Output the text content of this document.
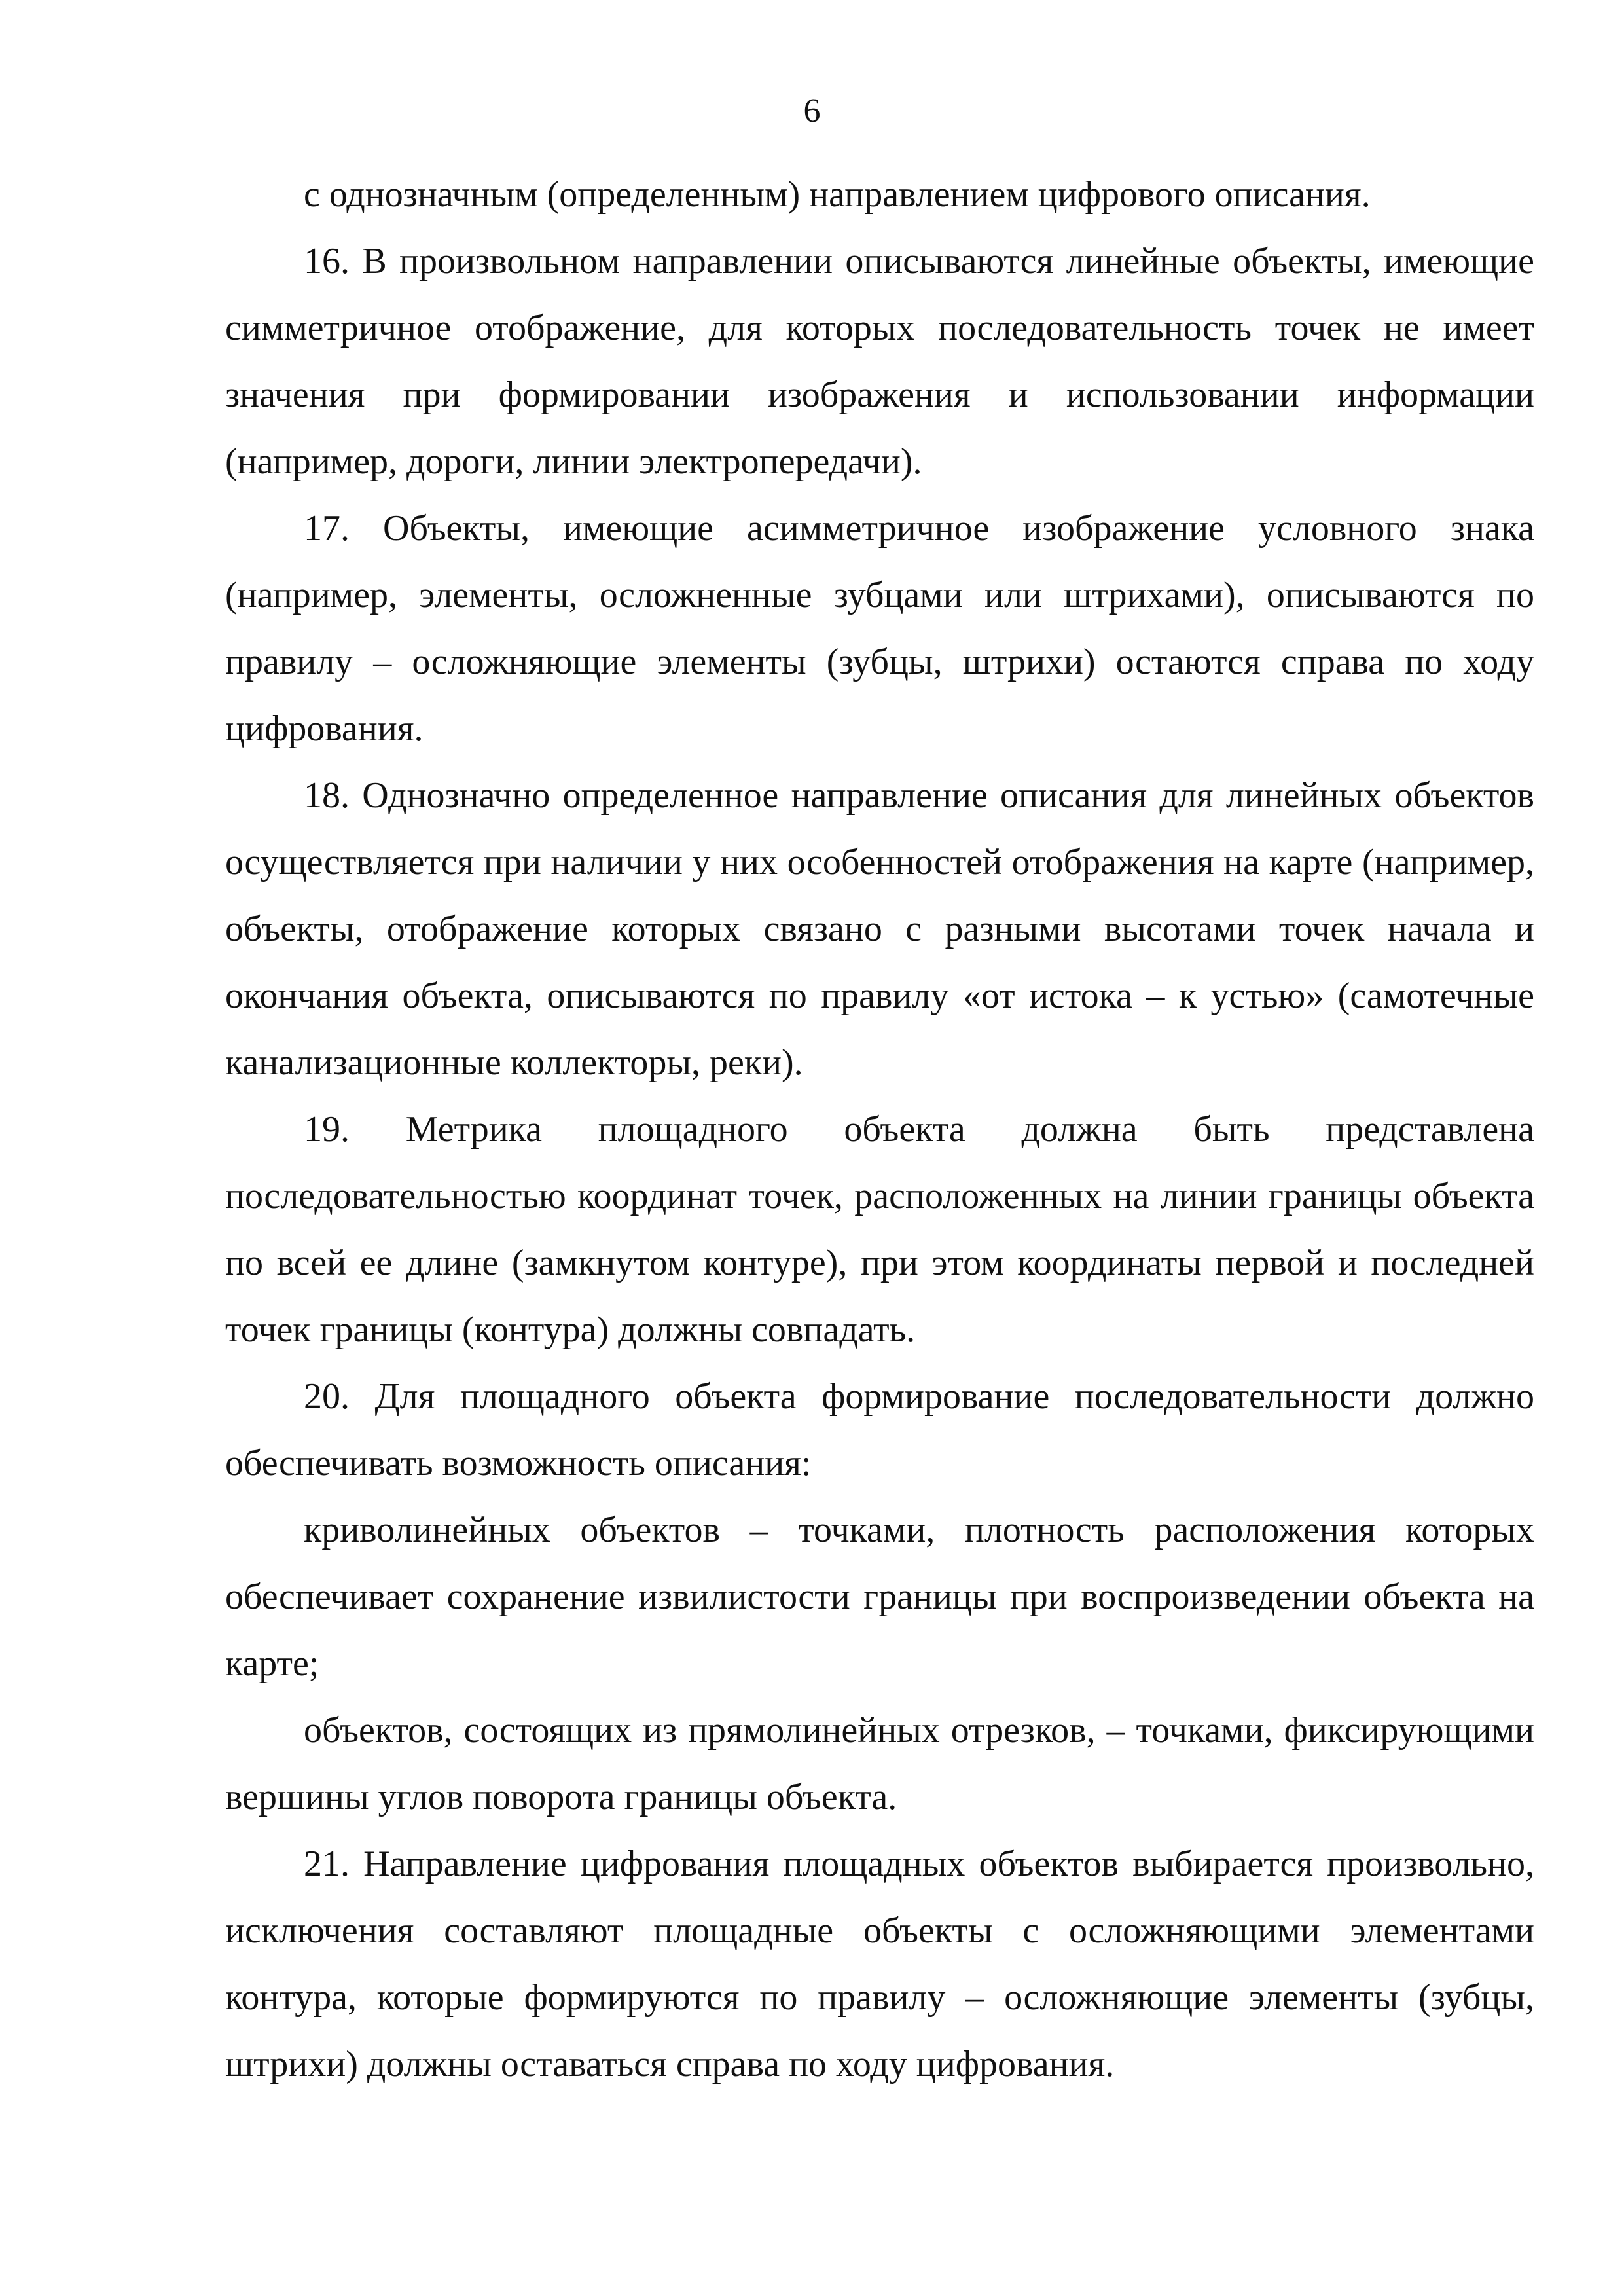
6

с однозначным (определенным) направлением цифрового описания.

16. В произвольном направлении описываются линейные объекты, имеющие симметричное отображение, для которых последовательность точек не имеет значения при формировании изображения и использовании информации (например, дороги, линии электропередачи).

17. Объекты, имеющие асимметричное изображение условного знака (например, элементы, осложненные зубцами или штрихами), описываются по правилу – осложняющие элементы (зубцы, штрихи) остаются справа по ходу цифрования.

18. Однозначно определенное направление описания для линейных объектов осуществляется при наличии у них особенностей отображения на карте (например, объекты, отображение которых связано с разными высотами точек начала и окончания объекта, описываются по правилу «от истока – к устью» (самотечные канализационные коллекторы, реки).

19. Метрика площадного объекта должна быть представлена последовательностью координат точек, расположенных на линии границы объекта по всей ее длине (замкнутом контуре), при этом координаты первой и последней точек границы (контура) должны совпадать.

20. Для площадного объекта формирование последовательности должно обеспечивать возможность описания:

криволинейных объектов – точками, плотность расположения которых обеспечивает сохранение извилистости границы при воспроизведении объекта на карте;

объектов, состоящих из прямолинейных отрезков, – точками, фиксирующими вершины углов поворота границы объекта.

21. Направление цифрования площадных объектов выбирается произвольно, исключения составляют площадные объекты с осложняющими элементами контура, которые формируются по правилу – осложняющие элементы (зубцы, штрихи) должны оставаться справа по ходу цифрования.
